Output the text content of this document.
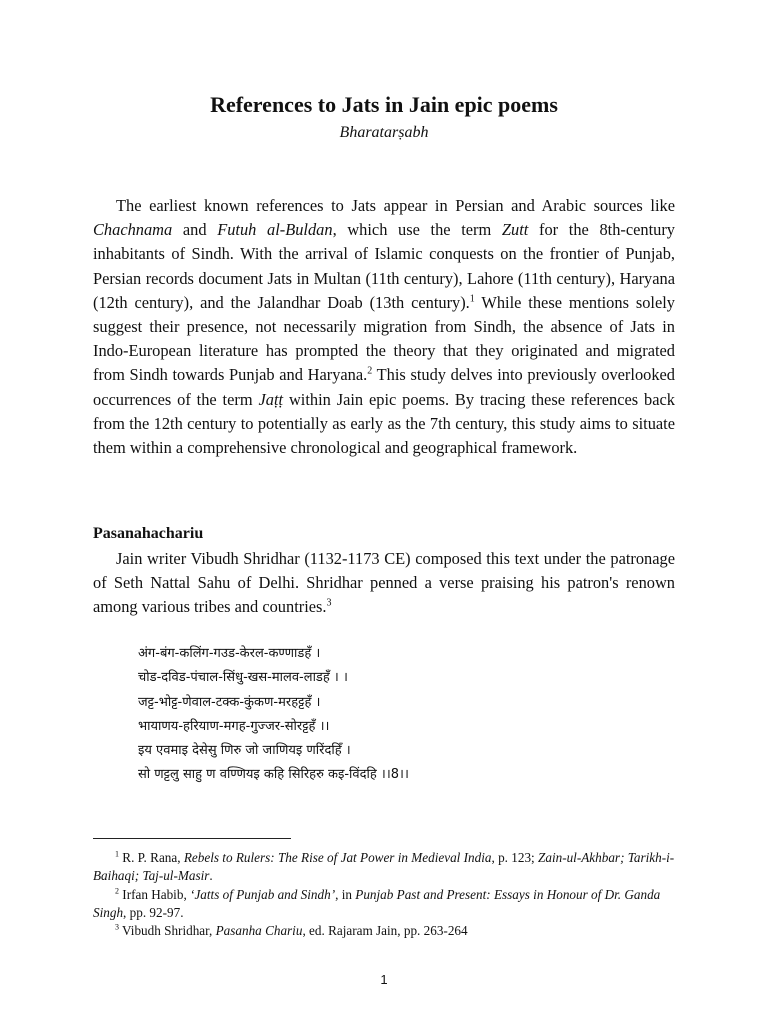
References to Jats in Jain epic poems
Bharatarṣabh

The earliest known references to Jats appear in Persian and Arabic sources like Chachnama and Futuh al-Buldan, which use the term Zutt for the 8th-century inhabitants of Sindh. With the arrival of Islamic conquests on the frontier of Punjab, Persian records document Jats in Multan (11th century), Lahore (11th century), Haryana (12th century), and the Jalandhar Doab (13th century).$^1$ While these mentions solely suggest their presence, not necessarily migration from Sindh, the absence of Jats in Indo-European literature has prompted the theory that they originated and migrated from Sindh towards Punjab and Haryana.$^2$ This study delves into previously overlooked occurrences of the term Jaṭṭ within Jain epic poems. By tracing these references back from the 12th century to potentially as early as the 7th century, this study aims to situate them within a comprehensive chronological and geographical framework.

Pasanahachariu

Jain writer Vibudh Shridhar (1132-1173 CE) composed this text under the patronage of Seth Nattal Sahu of Delhi. Shridhar penned a verse praising his patron's renown among various tribes and countries.$^3$

अंग-बंग-कलिंग-गउड-केरल-कण्णाडहँ ।
चोड-दविड-पंचाल-सिंधु-खस-मालव-लाडहँ । ।
जट्ट-भोट्ट-णेवाल-टक्क-कुंकण-मरहट्टहँ ।
भायाणय-हरियाण-मगह-गुज्जर-सोरट्टहँ ।।
इय एवमाइ देसेसु णिरु जो जाणियइ णरिंदहिँ ।
सो णट्टलु साहु ण वण्णियइ कहि सिरिहरु कइ-विंदहि ।।8।।
$^1$ R. P. Rana, Rebels to Rulers: The Rise of Jat Power in Medieval India, p. 123; Zain-ul-Akhbar; Tarikh-i-Baihaqi; Taj-ul-Masir.
$^2$ Irfan Habib, ‘Jatts of Punjab and Sindh’, in Punjab Past and Present: Essays in Honour of Dr. Ganda Singh, pp. 92-97.
$^3$ Vibudh Shridhar, Pasanha Chariu, ed. Rajaram Jain, pp. 263-264
1
